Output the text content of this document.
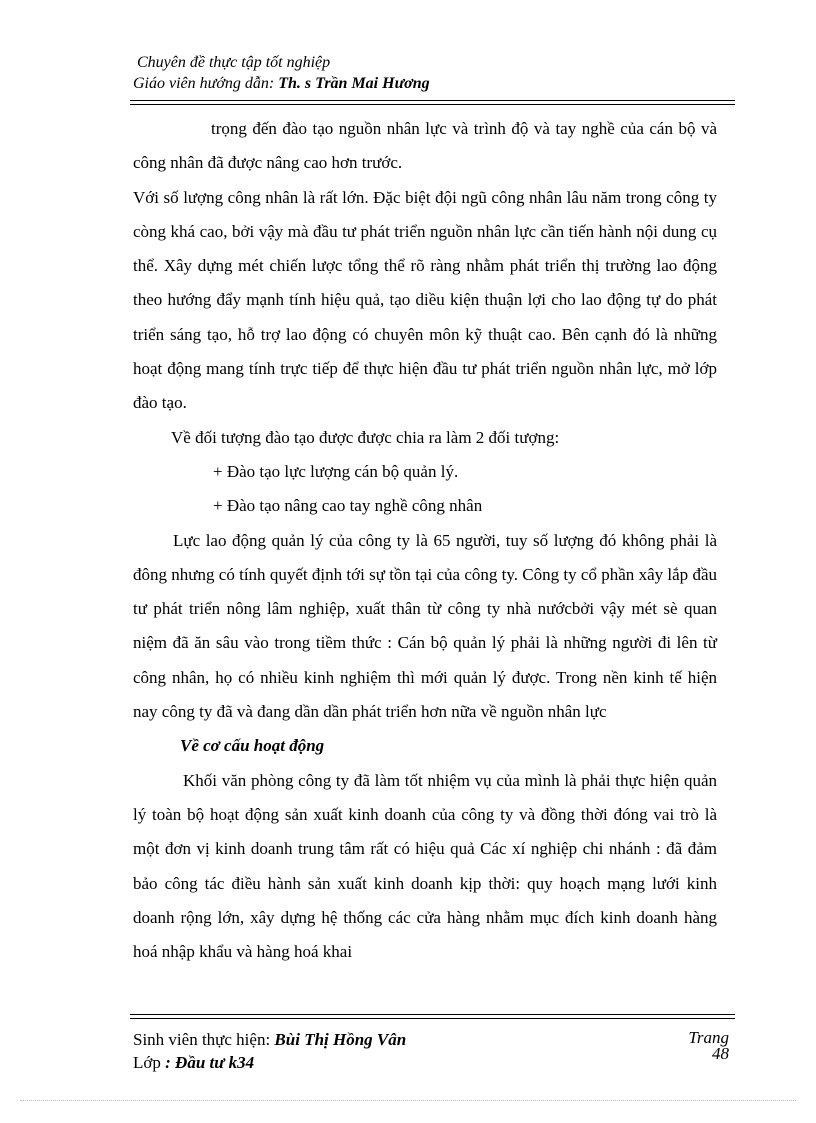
Chuyên đề thực tập tốt nghiệp
Giáo viên hướng dẫn: Th. s Trần Mai Hương

trọng đến đào tạo nguồn nhân lực và trình độ và tay nghề của cán bộ và công nhân đã được nâng cao hơn trước.

Với số lượng công nhân là rất lớn. Đặc biệt đội ngũ công nhân lâu năm trong công ty còng khá cao, bởi vậy mà đầu tư phát triển nguồn nhân lực cần tiến hành nội dung cụ thể. Xây dựng mét chiến lược tổng thể rõ ràng nhằm phát triển thị trường lao động theo hướng đẩy mạnh tính hiệu quả, tạo diều kiện thuận lợi cho lao động tự do phát triển sáng tạo, hỗ trợ lao động có chuyên môn kỹ thuật cao. Bên cạnh đó là những hoạt động mang tính trực tiếp để thực hiện đầu tư phát triển nguồn nhân lực, mở lớp đào tạo.

Về đối tượng đào tạo được được chia ra làm 2 đối tượng:

+ Đào tạo lực lượng cán bộ quản lý.

+ Đào tạo nâng cao tay nghề công nhân

Lực lao động quản lý của công ty là 65 người, tuy số lượng đó không phải là đông nhưng có tính quyết định tới sự tồn tại của công ty. Công ty cổ phần xây lắp đầu tư phát triển nông lâm nghiệp, xuất thân từ công ty nhà nướcbởi vậy mét sè quan niệm đã ăn sâu vào trong tiềm thức : Cán bộ quản lý phải là những người đi lên từ công nhân, họ có nhiều kinh nghiệm thì mới quản lý được. Trong nền kinh tế hiện nay công ty đã và đang dần dần phát triển hơn nữa về nguồn nhân lực

Về cơ cấu hoạt động

Khối văn phòng công ty đã làm tốt nhiệm vụ của mình là phải thực hiện quản lý toàn bộ hoạt động sản xuất kinh doanh của công ty và đồng thời đóng vai trò là một đơn vị kinh doanh trung tâm rất có hiệu quả Các xí nghiệp chi nhánh : đã đảm bảo công tác điều hành sản xuất kinh doanh kịp thời: quy hoạch mạng lưới kinh doanh rộng lớn, xây dựng hệ thống các cửa hàng nhằm mục đích kinh doanh hàng hoá nhập khẩu và hàng hoá khai

Sinh viên thực hiện: Bùi Thị Hồng Vân
Lớp : Đầu tư k34
Trang
48
